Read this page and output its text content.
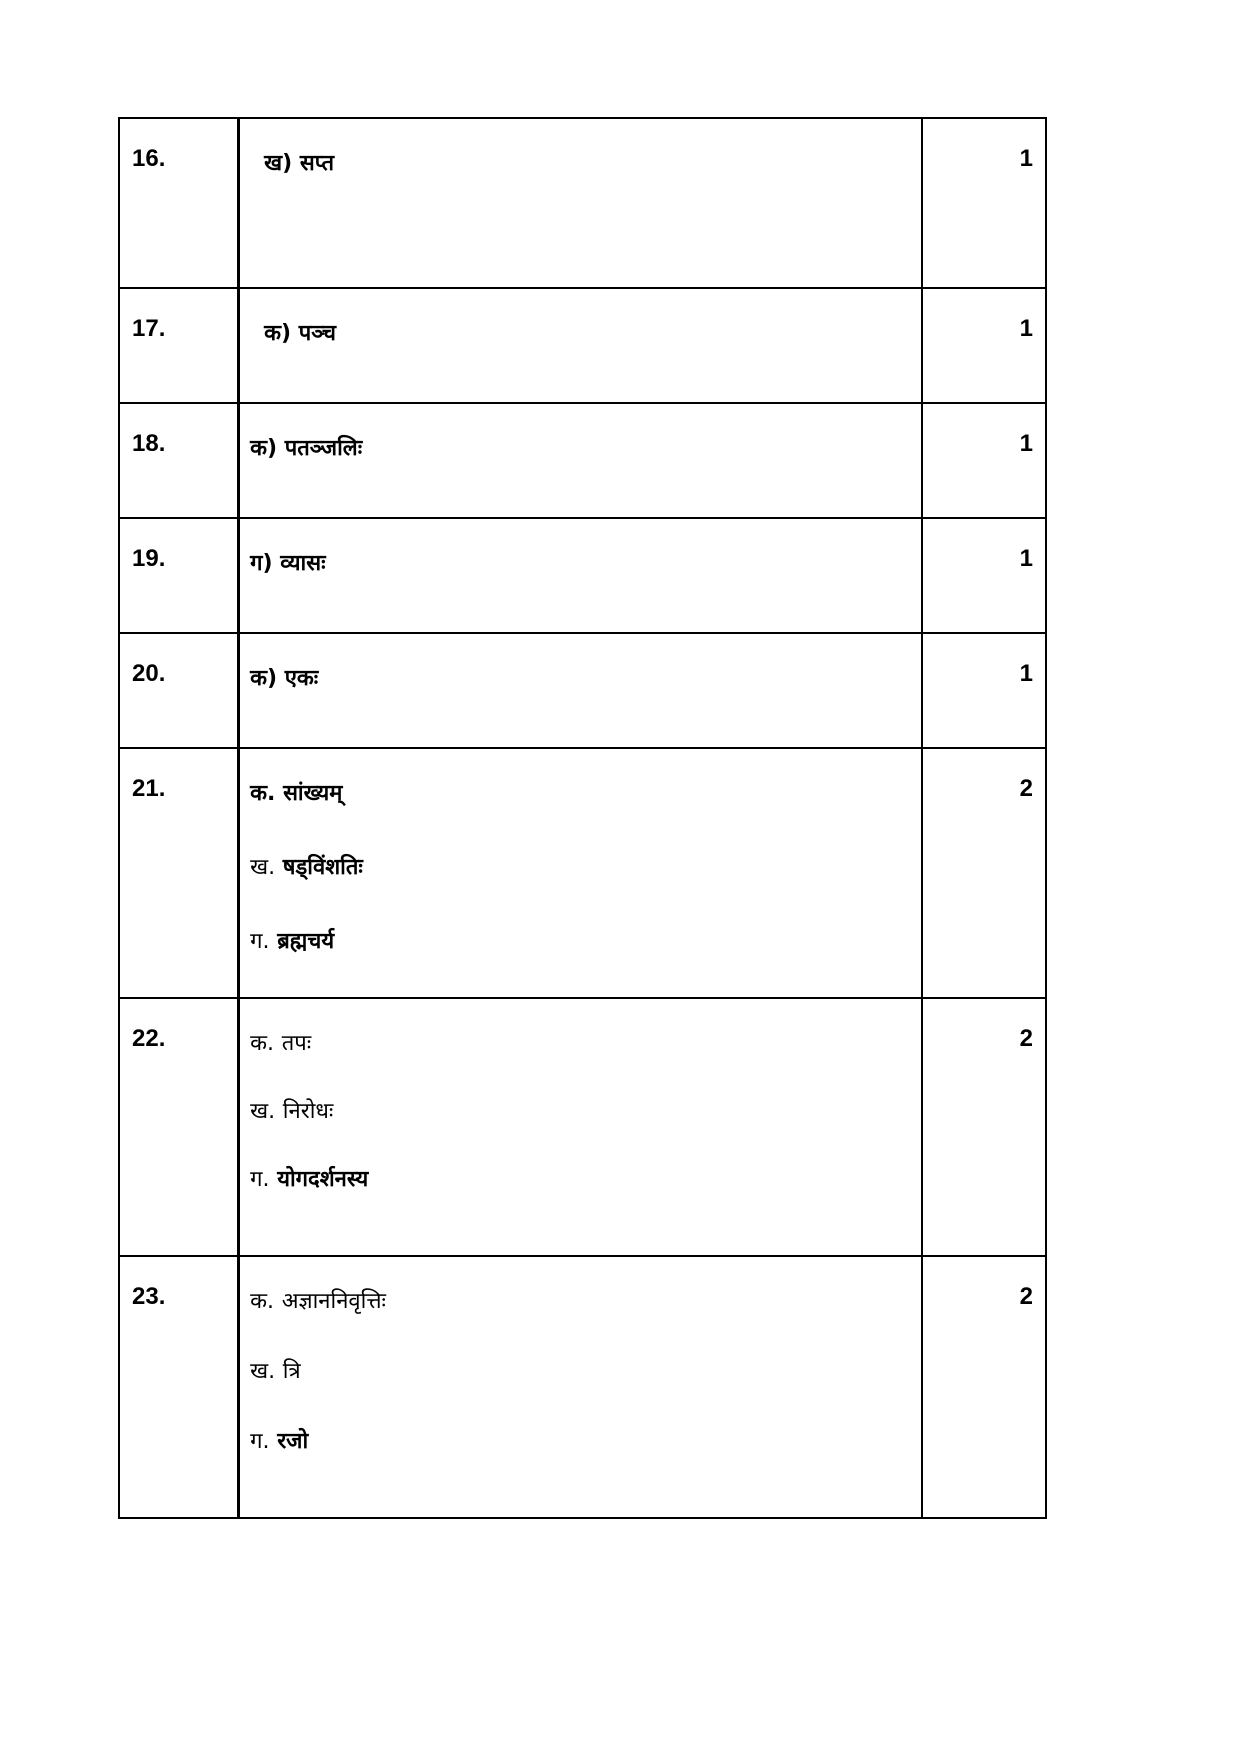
16.	ख) सप्त	1

17.	क) पञ्च	1

18.	क) पतञ्जलिः	1

19.	ग) व्यासः	1

20.	क) एकः	1

21.	क. सांख्यम्
ख. षड्विंशतिः
ग. ब्रह्मचर्य	2

22.	क. तपः
ख. निरोधः
ग. योगदर्शनस्य	2

23.	क. अज्ञाननिवृत्तिः
ख. त्रि
ग. रजो	2
